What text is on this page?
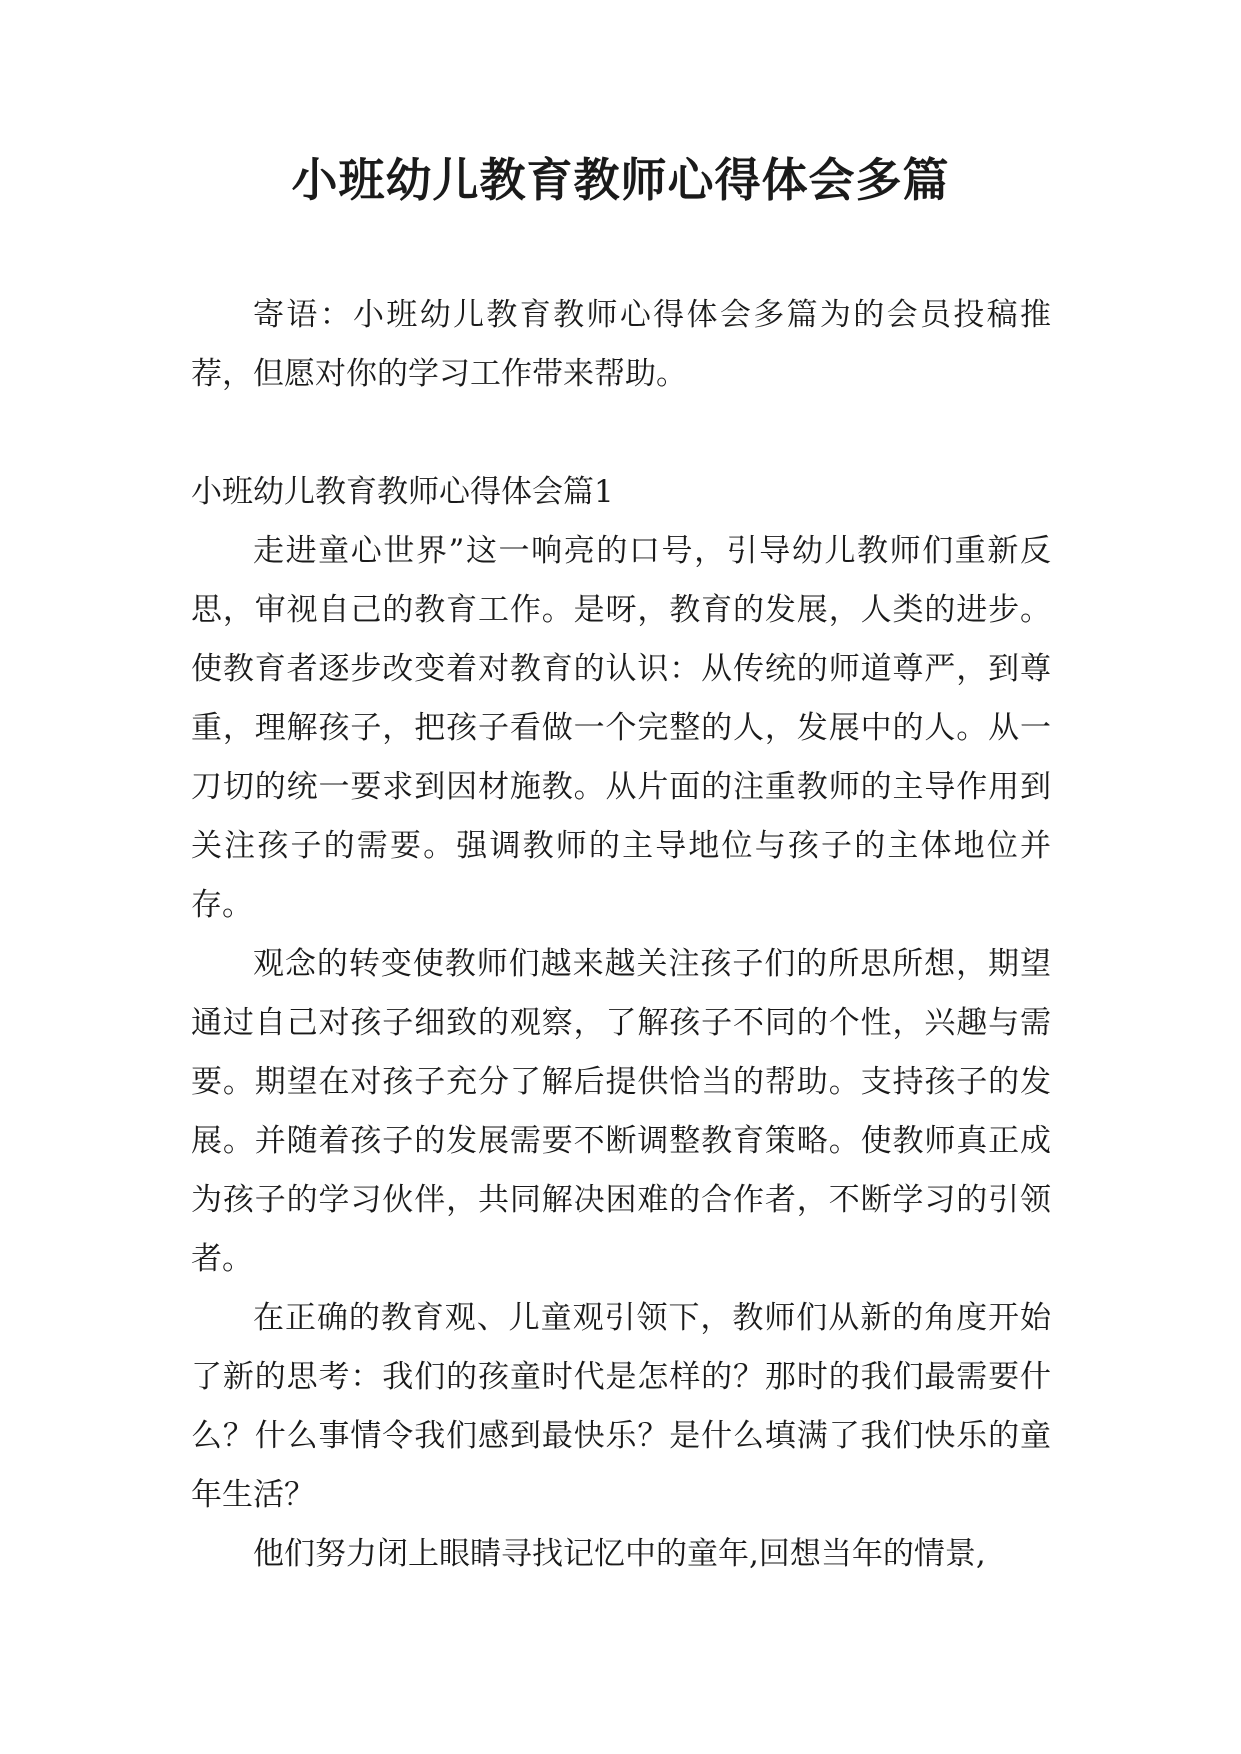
小班幼儿教育教师心得体会多篇

寄语：小班幼儿教育教师心得体会多篇为的会员投稿推荐，但愿对你的学习工作带来帮助。

小班幼儿教育教师心得体会篇1

走进童心世界”这一响亮的口号，引导幼儿教师们重新反思，审视自己的教育工作。是呀，教育的发展，人类的进步。使教育者逐步改变着对教育的认识：从传统的师道尊严，到尊重，理解孩子，把孩子看做一个完整的人，发展中的人。从一刀切的统一要求到因材施教。从片面的注重教师的主导作用到关注孩子的需要。强调教师的主导地位与孩子的主体地位并存。

观念的转变使教师们越来越关注孩子们的所思所想，期望通过自己对孩子细致的观察，了解孩子不同的个性，兴趣与需要。期望在对孩子充分了解后提供恰当的帮助。支持孩子的发展。并随着孩子的发展需要不断调整教育策略。使教师真正成为孩子的学习伙伴，共同解决困难的合作者，不断学习的引领者。

在正确的教育观、儿童观引领下，教师们从新的角度开始了新的思考：我们的孩童时代是怎样的？那时的我们最需要什么？什么事情令我们感到最快乐？是什么填满了我们快乐的童年生活？

他们努力闭上眼睛寻找记忆中的童年,回想当年的情景,
